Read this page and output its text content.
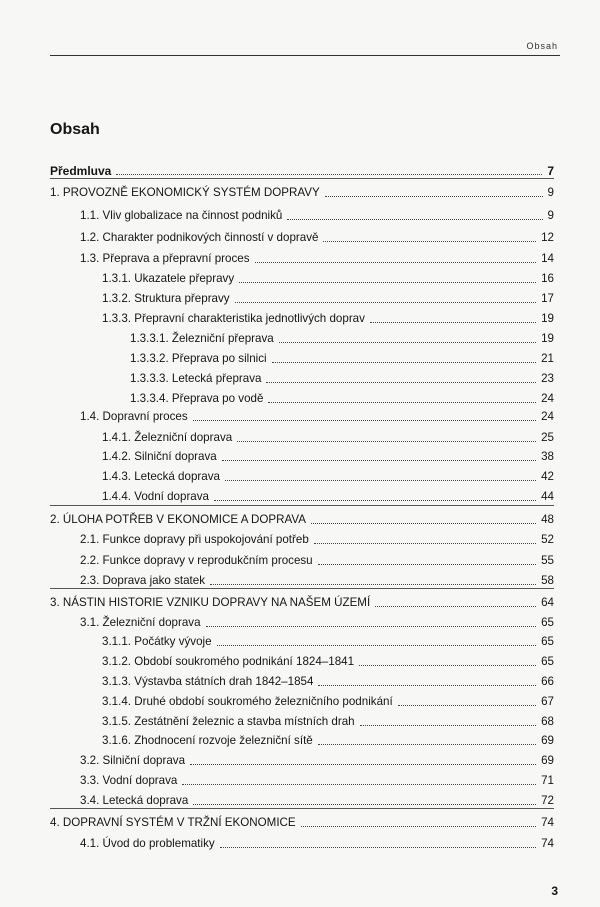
Obsah
Obsah
Předmluva	7
1. PROVOZNĚ EKONOMICKÝ SYSTÉM DOPRAVY	9
1.1. Vliv globalizace na činnost podniků	9
1.2. Charakter podnikových činností v dopravě	12
1.3. Přeprava a přepravní proces	14
1.3.1. Ukazatele přepravy	16
1.3.2. Struktura přepravy	17
1.3.3. Přepravní charakteristika jednotlivých doprav	19
1.3.3.1. Železniční přeprava	19
1.3.3.2. Přeprava po silnici	21
1.3.3.3. Letecká přeprava	23
1.3.3.4. Přeprava po vodě	24
1.4. Dopravní proces	24
1.4.1. Železniční doprava	25
1.4.2. Silniční doprava	38
1.4.3. Letecká doprava	42
1.4.4. Vodní doprava	44
2. ÚLOHA POTŘEB V EKONOMICE A DOPRAVA	48
2.1. Funkce dopravy při uspokojování potřeb	52
2.2. Funkce dopravy v reprodukčním procesu	55
2.3. Doprava jako statek	58
3. NÁSTIN HISTORIE VZNIKU DOPRAVY NA NAŠEM ÚZEMÍ	64
3.1. Železniční doprava	65
3.1.1. Počátky vývoje	65
3.1.2. Období soukromého podnikání 1824–1841	65
3.1.3. Výstavba státních drah 1842–1854	66
3.1.4. Druhé období soukromého železničního podnikání	67
3.1.5. Zestátnění železnic a stavba místních drah	68
3.1.6. Zhodnocení rozvoje železniční sítě	69
3.2. Silniční doprava	69
3.3. Vodní doprava	71
3.4. Letecká doprava	72
4. DOPRAVNÍ SYSTÉM V TRŽNÍ EKONOMICE	74
4.1. Úvod do problematiky	74
3
